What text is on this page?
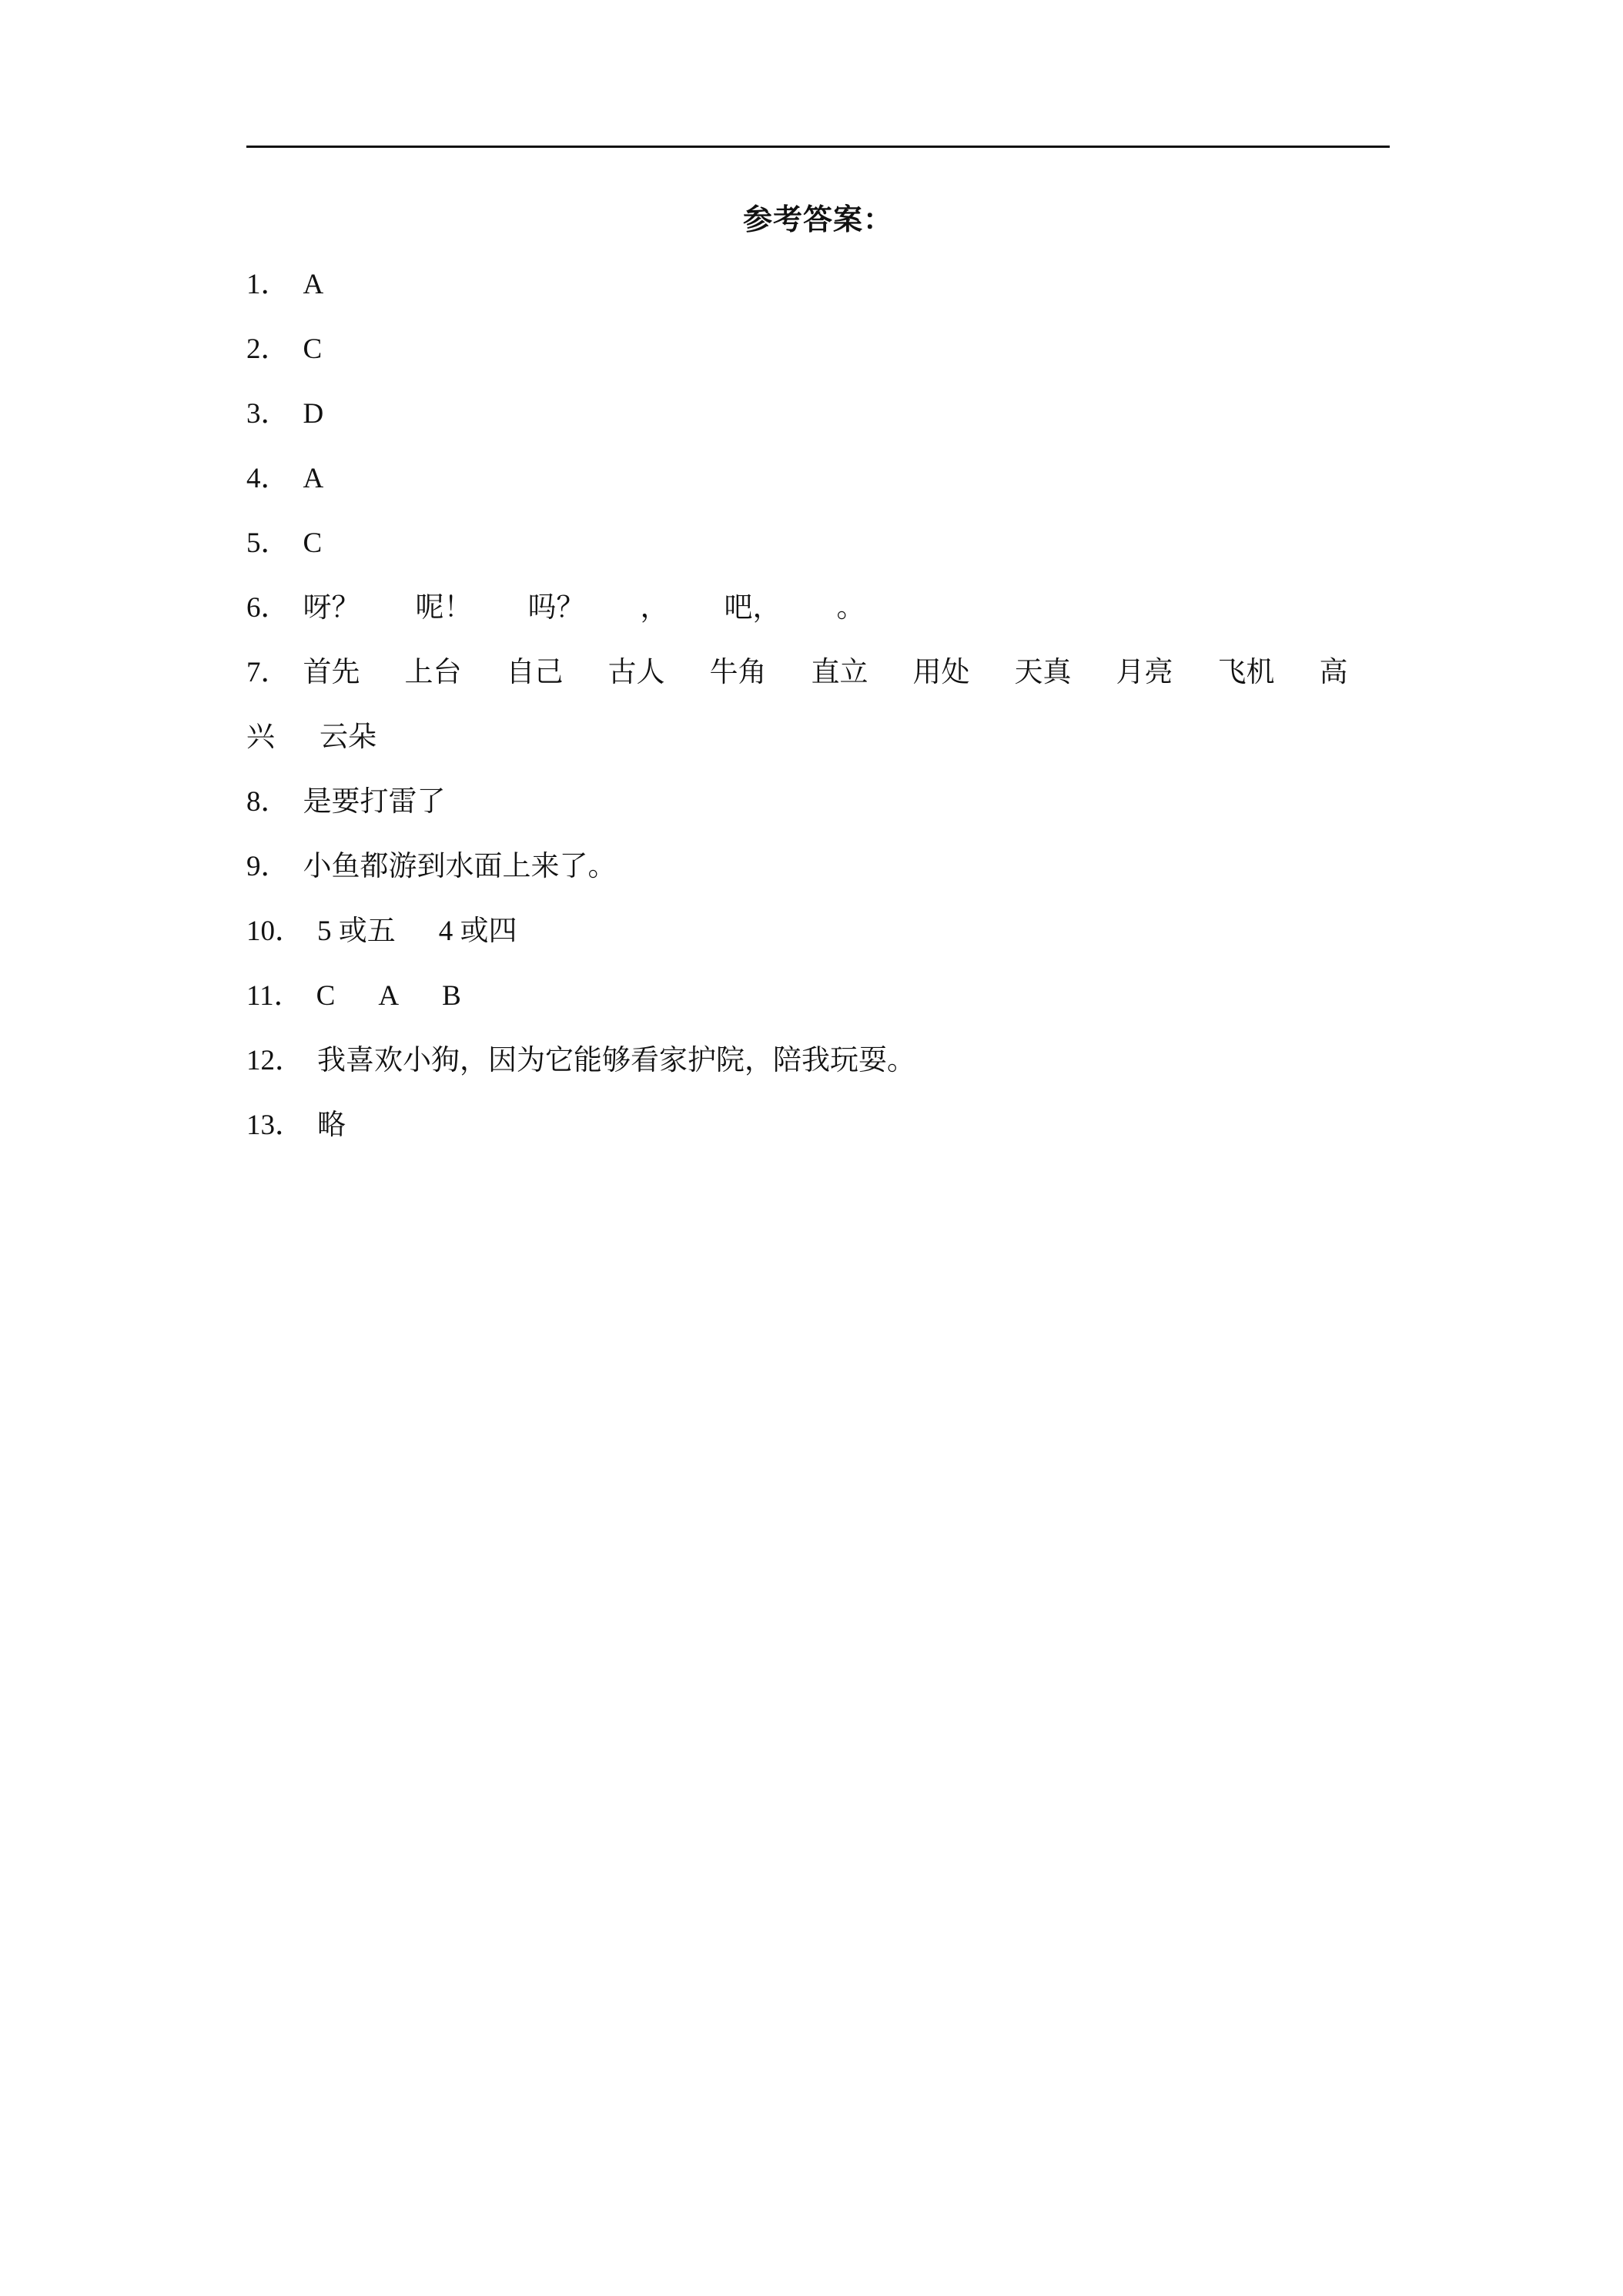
参考答案：
1． A
2． C
3． D
4． A
5． C
6． 呀？ 呢！ 吗？ ， 吧， 。
7． 首先 上台 自己 古人 牛角 直立 用处 天真 月亮 飞机 高
兴 云朵
8． 是要打雷了
9． 小鱼都游到水面上来了。
10． 5 或五 4 或四
11． C A B
12． 我喜欢小狗，因为它能够看家护院，陪我玩耍。
13． 略
